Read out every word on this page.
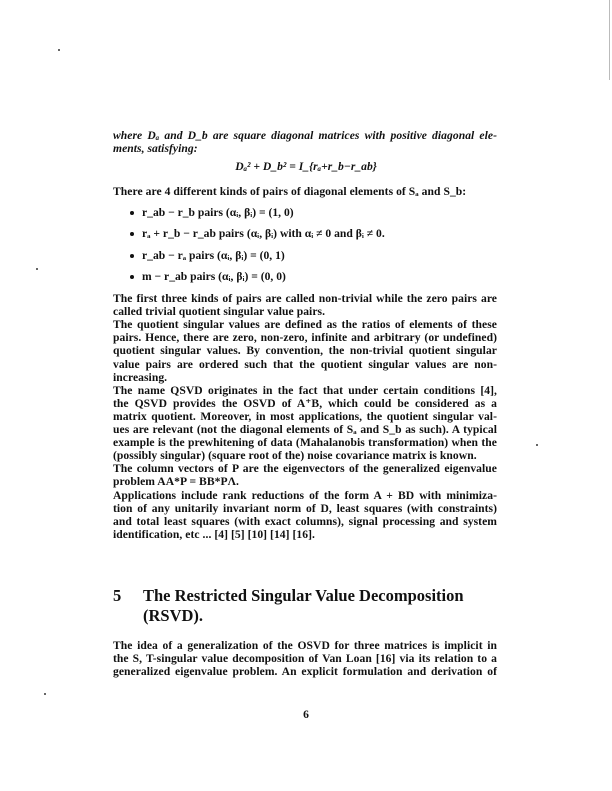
where Dₐ and D_b are square diagonal matrices with positive diagonal ele-
ments, satisfying:
Dₐ² + D_b² = I_{rₐ+r_b−r_ab}
There are 4 different kinds of pairs of diagonal elements of Sₐ and S_b:
r_ab − r_b pairs (αᵢ, βᵢ) = (1, 0)
rₐ + r_b − r_ab pairs (αᵢ, βᵢ) with αᵢ ≠ 0 and βᵢ ≠ 0.
r_ab − rₐ pairs (αᵢ, βᵢ) = (0, 1)
m − r_ab pairs (αᵢ, βᵢ) = (0, 0)
The first three kinds of pairs are called non-trivial while the zero pairs are
called trivial quotient singular value pairs.
The quotient singular values are defined as the ratios of elements of these
pairs. Hence, there are zero, non-zero, infinite and arbitrary (or undefined)
quotient singular values. By convention, the non-trivial quotient singular
value pairs are ordered such that the quotient singular values are non-
increasing.
The name QSVD originates in the fact that under certain conditions [4],
the QSVD provides the OSVD of A⁺B, which could be considered as a
matrix quotient. Moreover, in most applications, the quotient singular val-
ues are relevant (not the diagonal elements of Sₐ and S_b as such). A typical
example is the prewhitening of data (Mahalanobis transformation) when the
(possibly singular) (square root of the) noise covariance matrix is known.
The column vectors of P are the eigenvectors of the generalized eigenvalue
problem AA*P = BB*PΛ.
Applications include rank reductions of the form A + BD with minimiza-
tion of any unitarily invariant norm of D, least squares (with constraints)
and total least squares (with exact columns), signal processing and system
identification, etc ... [4] [5] [10] [14] [16].
5 The Restricted Singular Value Decomposition
(RSVD).
The idea of a generalization of the OSVD for three matrices is implicit in
the S, T-singular value decomposition of Van Loan [16] via its relation to a
generalized eigenvalue problem. An explicit formulation and derivation of
6
